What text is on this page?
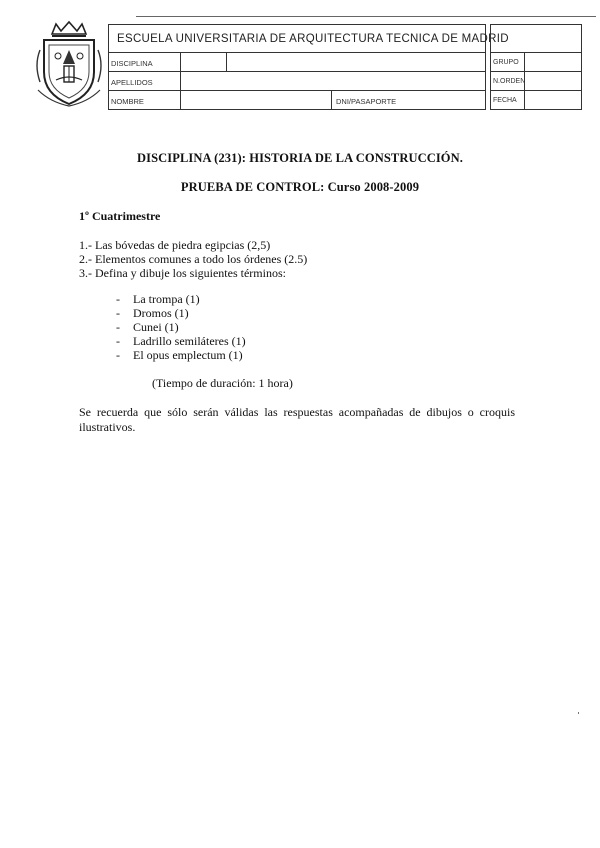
ESCUELA UNIVERSITARIA DE ARQUITECTURA TECNICA DE MADRID
DISCIPLINA
APELLIDOS
NOMBRE	DNI/PASAPORTE
GRUPO
N.ORDEN
FECHA
DISCIPLINA (231): HISTORIA DE LA CONSTRUCCIÓN.
PRUEBA DE CONTROL: Curso 2008-2009
1º Cuatrimestre
1.- Las bóvedas de piedra egipcias (2,5)
2.- Elementos comunes a todo los órdenes (2.5)
3.- Defina y dibuje los siguientes términos:
- La trompa (1)
- Dromos (1)
- Cunei (1)
- Ladrillo semiláteres (1)
- El opus emplectum (1)
(Tiempo de duración: 1 hora)
Se recuerda que sólo serán válidas las respuestas acompañadas de dibujos o croquis ilustrativos.
